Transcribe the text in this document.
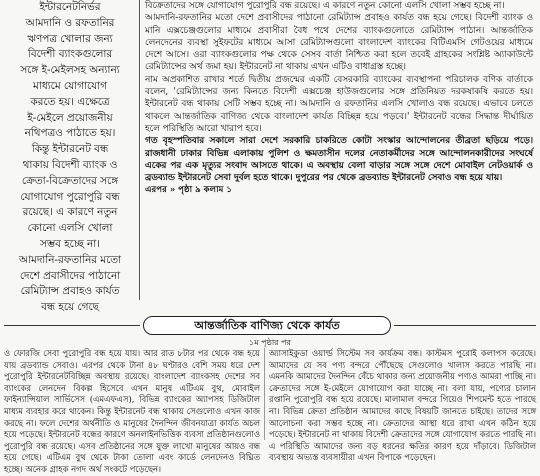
ইন্টারনেটনির্ভর

আমদানি ও রফতানির

ঋণপত্র খোলার জন্য

বিদেশী ব্যাংকগুলোর

সঙ্গে ই-মেইলসহ অন্যান্য

মাধ্যমে যোগাযোগ

করতে হয়। এক্ষেত্রে

ই-মেইলে প্রয়োজনীয়

নথিপত্রও পাঠাতে হয়।

কিন্তু ইন্টারনেট বন্ধ

থাকায় বিদেশী ব্যাংক ও

ক্রেতা-বিক্রেতাদের সঙ্গে

যোগাযোগ পুরোপুরি বন্ধ

রয়েছে। এ কারণে নতুন

কোনো এলসি খোলা

সম্ভব হচ্ছে না।

আমদানি-রফতানির মতো

দেশে প্রবাসীদের পাঠানো

রেমিট্যান্স প্রবাহও কার্যত

বন্ধ হয়ে গেছে

বিক্রেতাদের সঙ্গে যোগাযোগ পুরোপুরি বন্ধ রয়েছে। এ কারণে নতুন কোনো এলসি খোলা সম্ভব হচ্ছে না।

আমদানি-রফতানির মতো দেশে প্রবাসীদের পাঠানো রেমিট্যান্স প্রবাহও কার্যত বন্ধ হয়ে গেছে। বিদেশী ব্যাংক ও মানি এক্সচেঞ্জগুলোর মাধ্যমে প্রবাসীরা বৈধ পথে দেশের ব্যাংকগুলোতে রেমিট্যান্স পাঠান। আন্তর্জাতিক লেনদেনের ব্যবস্থা সুইফটের মাধ্যমে আসা রেমিট্যান্সগুলো বাংলাদেশ ব্যাংকের বিটিএমসি গেটওয়ের মাধ্যমে দেশে আসে। ওরা ব্যাংকগুলোর পক্ষ থেকে সেসব বার্তা নিশ্চিত করা হলে তবেই গ্রাহকের সংশ্লিষ্ট অ্যাকাউন্টে রেমিট্যান্সের অর্থ জমা হয়। ইন্টারনেট না থাকায় এখন এটিও বাধাগ্রস্ত হচ্ছে।

নাম অপ্রকাশিত রাখার শর্তে দ্বিতীয় প্রজন্মের একটি বেসরকারি ব্যাংকের ব্যবস্থাপনা পরিচালক বণিক বার্তাকে বলেন, 'রেমিট্যান্সের জন্য কিনতে বিদেশী এক্সচেঞ্জ হাউজগুলোর সঙ্গে প্রতিনিয়ত দরকষাকষি করতে হয়। ইন্টারনেট বন্ধ থাকায় সেটি সম্ভব হচ্ছে না। আমদানি ও রফতানির এলসি খোলাও বন্ধ রয়েছে। এভাবে চলতে থাকলে আন্তর্জাতিক বাণিজ্য থেকে বাংলাদেশ কার্যত বিচ্ছিন্ন হয়ে পড়বে।' ইন্টারনেট বন্ধের সিদ্ধান্ত দীর্ঘায়িত হলে পরিস্থিতি আরো খারাপ হবে।

গত বৃহস্পতিবার সকালে সারা দেশে সরকারি চাকরিতে কোটা সংস্কার আন্দোলনের তীব্রতা ছড়িয়ে পড়ে। রাজধানী ঢাকার বিভিন্ন এলাকায় পুলিশ ও ক্ষমতাসীন দলের নেতাকর্মীদের সঙ্গে আন্দোলনকারীদের সংঘর্ষে একের পর এক মৃত্যুর সংবাদ আসতে থাকে। এ অবস্থায় বেলা বাড়ার সঙ্গে সঙ্গে দেশে মোবাইল নেটওয়ার্ক ও ব্রডব্যান্ড ইন্টারনেট সেবা দুর্বল হতে থাকে। দুপুরের পর থেকে ব্রডব্যান্ড ইন্টারনেট সেবাও বন্ধ হয়ে যায়।

এরপর » পৃষ্ঠা ৯ কলাম ১

আন্তর্জাতিক বাণিজ্য থেকে কার্যত
১ম পৃষ্ঠার পর

ও ফোরজি সেবা পুরোপুরি বন্ধ হয়ে যায়। আর রাত ৮টার পর থেকে বন্ধ হয়ে যায় ব্রডব্যান্ড সেবাও। এরপর থেকে টানা ৪৮ ঘণ্টারও বেশি সময় ধরে দেশ পুরোপুরি ইন্টারনেটবিচ্ছিন্ন অবস্থায় রয়েছে। বাংলাদেশ ব্যাংকসহ দেশের সব ব্যাংকের লেনদেন বিকল্প হিসেবে এখন মানুষ এটিএম বুথ, মোবাইল ফাইন্যান্সিয়াল সার্ভিসেস (এমএফএস), বিভিন্ন ব্যাংকের অ্যাপসহ ডিজিটাল মাধ্যম ব্যবহার করে থাকেন। কিন্তু ইন্টারনেট বন্ধ থাকায় সেগুলোও এখন কাজ করছে না। ফলে দেশের অর্থনীতি ও মানুষের দৈনন্দিন জীবনযাত্রা কার্যত অচল হয়ে পড়েছে। ইন্টারনেট বন্ধের কারণে অনলাইনভিত্তিক ব্যবসা প্রতিষ্ঠানগুলোও পুরোপুরি বন্ধ রয়েছে। এসব প্রতিষ্ঠানের সঙ্গে যুক্ত লাখো মানুষের আয়ও বন্ধ হয়ে গেছে। এটিএম বুথ থেকে টাকা তোলা এবং কার্ডে লেনদেনও বিঘ্নিত হচ্ছে। অনেক গ্রাহক নগদ অর্থ সংকটে পড়েছেন।

অ্যাসাইকুডা ওয়ার্ল্ড সিস্টেম সব কার্যক্রম বন্ধ। কাস্টমস পুরোই কলাপস করেছে। আমাদের যে সব পণ্য বন্দরে পৌঁছেছে সেগুলোও খালাস করতে পারছি না। এমনকি আমাদের দৈনন্দিন বেঁচে থাকার জন্য প্রয়োজনীয় পণ্যও আমরা পাচ্ছি না। ক্রেতাদের সঙ্গে ই-মেইলে যোগাযোগ করা যাচ্ছে না। বলা যায়, পণ্যের চালান রপ্তানি পুরোপুরি বন্ধ হয়ে রয়েছে। মালামাল বন্দরে গিয়েও শিপমেন্ট হতে পারছে না। বিভিন্ন ক্রেতা প্রতিষ্ঠান আমাদের কাছে বিষয়টি জানতে চাইছে। তাদের সঙ্গে আলোচনা করা সম্ভব হচ্ছে না। ক্রেতাদের আস্থা ধরে রাখা এখন কঠিন হয়ে পড়েছে। ইন্টারনেট না থাকায় বিদেশী ক্রেতাদের সঙ্গে যোগাযোগ করতে পারছি না। এ পরিস্থিতি আমাদের জন্য বড় ধরনের ক্ষতির কারণ হয়ে দাঁড়াবে। ডিজিটাল ব্যবস্থায় অভ্যস্ত ব্যবসায়ীরা এখন বিপাকে পড়েছেন।
